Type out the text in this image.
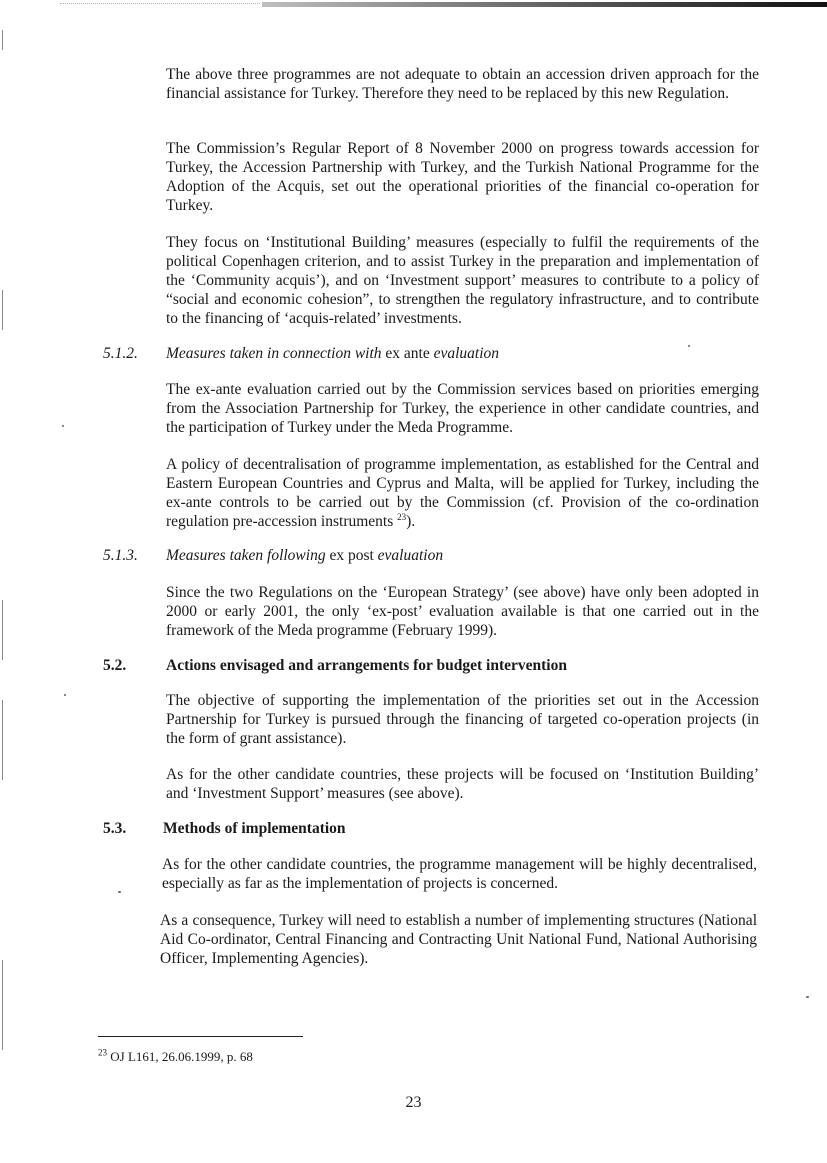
The above three programmes are not adequate to obtain an accession driven approach for the financial assistance for Turkey. Therefore they need to be replaced by this new Regulation.

The Commission’s Regular Report of 8 November 2000 on progress towards accession for Turkey, the Accession Partnership with Turkey, and the Turkish National Programme for the Adoption of the Acquis, set out the operational priorities of the financial co-operation for Turkey.

They focus on ‘Institutional Building’ measures (especially to fulfil the requirements of the political Copenhagen criterion, and to assist Turkey in the preparation and implementation of the ‘Community acquis’), and on ‘Investment support’ measures to contribute to a policy of “social and economic cohesion”, to strengthen the regulatory infrastructure, and to contribute to the financing of ‘acquis-related’ investments.

5.1.2. Measures taken in connection with ex ante evaluation

The ex-ante evaluation carried out by the Commission services based on priorities emerging from the Association Partnership for Turkey, the experience in other candidate countries, and the participation of Turkey under the Meda Programme.

A policy of decentralisation of programme implementation, as established for the Central and Eastern European Countries and Cyprus and Malta, will be applied for Turkey, including the ex-ante controls to be carried out by the Commission (cf. Provision of the co-ordination regulation pre-accession instruments $^{23}$).

5.1.3. Measures taken following ex post evaluation

Since the two Regulations on the ‘European Strategy’ (see above) have only been adopted in 2000 or early 2001, the only ‘ex-post’ evaluation available is that one carried out in the framework of the Meda programme (February 1999).

5.2.	Actions envisaged and arrangements for budget intervention

The objective of supporting the implementation of the priorities set out in the Accession Partnership for Turkey is pursued through the financing of targeted co-operation projects (in the form of grant assistance).

As for the other candidate countries, these projects will be focused on ‘Institution Building’ and ‘Investment Support’ measures (see above).

5.3. Methods of implementation

As for the other candidate countries, the programme management will be highly decentralised, especially as far as the implementation of projects is concerned.

As a consequence, Turkey will need to establish a number of implementing structures (National Aid Co-ordinator, Central Financing and Contracting Unit National Fund, National Authorising Officer, Implementing Agencies).

$^{23}$ OJ L161, 26.06.1999, p. 68

23
